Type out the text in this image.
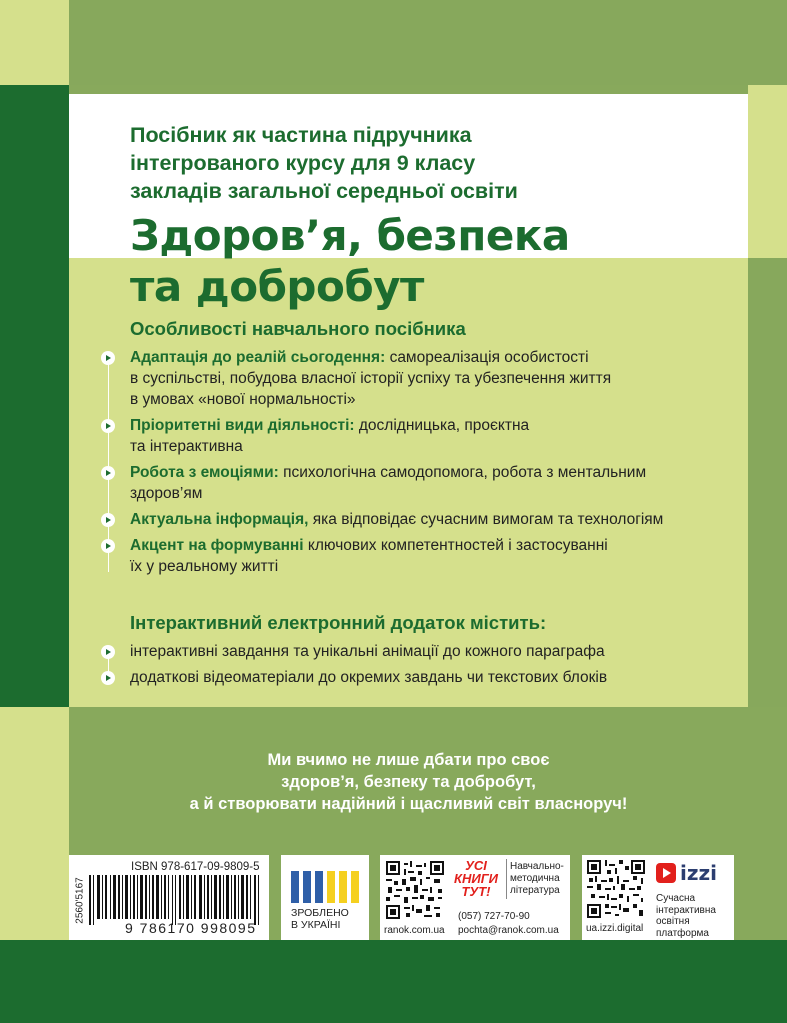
Посібник як частина підручника
інтегрованого курсу для 9 класу
закладів загальної середньої освіти
Здоров’я, безпека
та добробут
Особливості навчального посібника
Адаптація до реалій сьогодення: самореалізація особистості
в суспільстві, побудова власної історії успіху та убезпечення життя
в умовах «нової нормальності»
Пріоритетні види діяльності: дослідницька, проєктна
та інтерактивна
Робота з емоціями: психологічна самодопомога, робота з ментальним
здоров’ям
Актуальна інформація, яка відповідає сучасним вимогам та технологіям
Акцент на формуванні ключових компетентностей і застосуванні
їх у реальному житті
Інтерактивний електронний додаток містить:
інтерактивні завдання та унікальні анімації до кожного параграфа
додаткові відеоматеріали до окремих завдань чи текстових блоків
Ми вчимо не лише дбати про своє
здоров’я, безпеку та добробут,
а й створювати надійний і щасливий світ власноруч!
2560'5167
ISBN 978-617-09-9809-5
9 786170 998095
ЗРОБЛЕНО
В УКРАЇНІ
УСІ
КНИГИ
ТУТ!
Навчально-
методична
література
(057) 727-70-90
ranok.com.ua pochta@ranok.com.ua
izzi
Сучасна
інтерактивна
освітня
платформа
ua.izzi.digital
